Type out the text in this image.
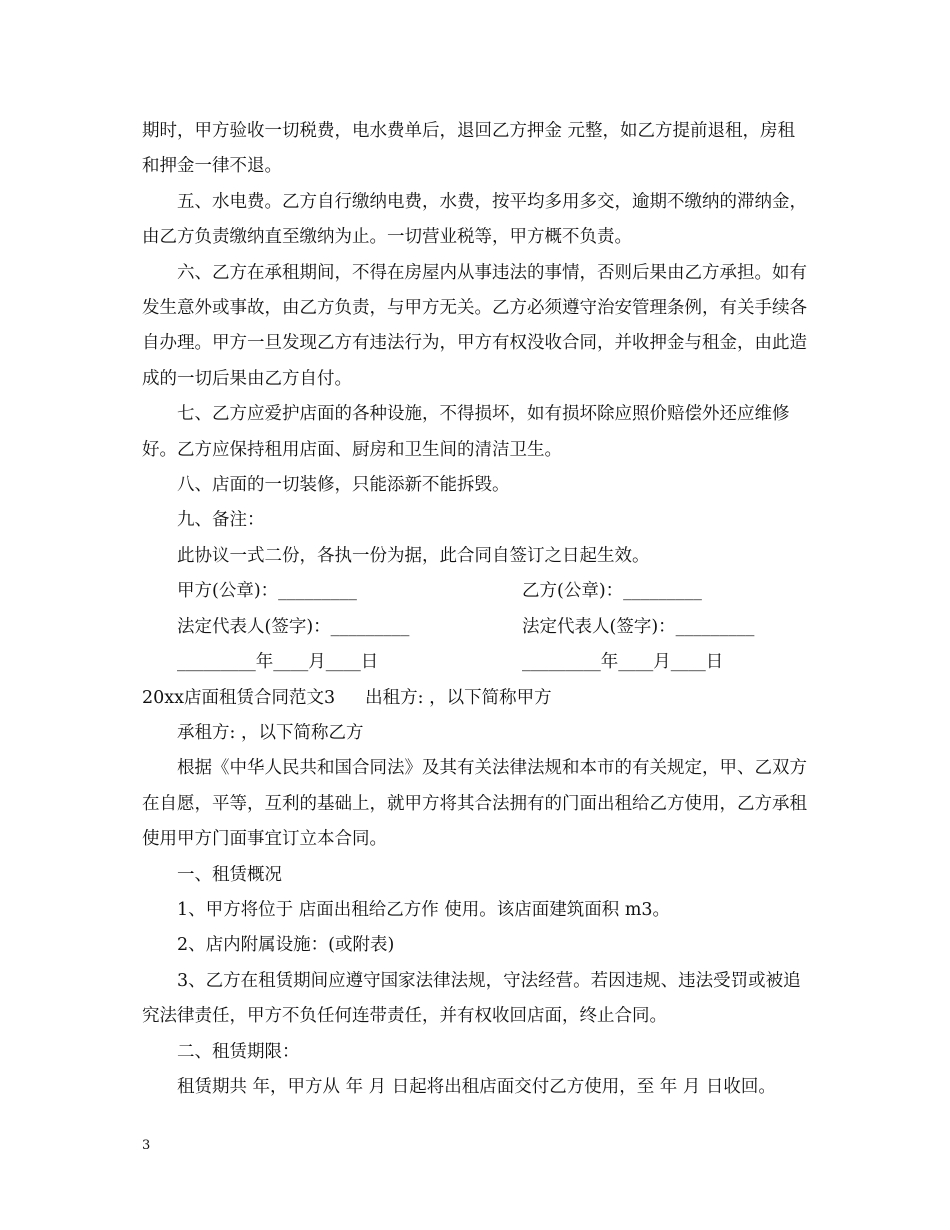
期时，甲方验收一切税费，电水费单后，退回乙方押金 元整，如乙方提前退租，房租和押金一律不退。

五、水电费。乙方自行缴纳电费，水费，按平均多用多交，逾期不缴纳的滞纳金，由乙方负责缴纳直至缴纳为止。一切营业税等，甲方概不负责。

六、乙方在承租期间，不得在房屋内从事违法的事情，否则后果由乙方承担。如有发生意外或事故，由乙方负责，与甲方无关。乙方必须遵守治安管理条例，有关手续各自办理。甲方一旦发现乙方有违法行为，甲方有权没收合同，并收押金与租金，由此造成的一切后果由乙方自付。

七、乙方应爱护店面的各种设施，不得损坏，如有损坏除应照价赔偿外还应维修好。乙方应保持租用店面、厨房和卫生间的清洁卫生。

八、店面的一切装修，只能添新不能拆毁。

九、备注：

此协议一式二份，各执一份为据，此合同自签订之日起生效。

甲方(公章)：_________	乙方(公章)：_________
法定代表人(签字)：_________	法定代表人(签字)：_________
_________年____月____日	_________年____月____日

20xx店面租赁合同范文3 出租方: ，以下简称甲方

承租方: ，以下简称乙方

根据《中华人民共和国合同法》及其有关法律法规和本市的有关规定，甲、乙双方在自愿，平等，互利的基础上，就甲方将其合法拥有的门面出租给乙方使用，乙方承租使用甲方门面事宜订立本合同。

一、租赁概况

1、甲方将位于 店面出租给乙方作 使用。该店面建筑面积 m3。

2、店内附属设施：(或附表)

3、乙方在租赁期间应遵守国家法律法规，守法经营。若因违规、违法受罚或被追究法律责任，甲方不负任何连带责任，并有权收回店面，终止合同。

二、租赁期限：

租赁期共 年，甲方从 年 月 日起将出租店面交付乙方使用，至 年 月 日收回。

3
